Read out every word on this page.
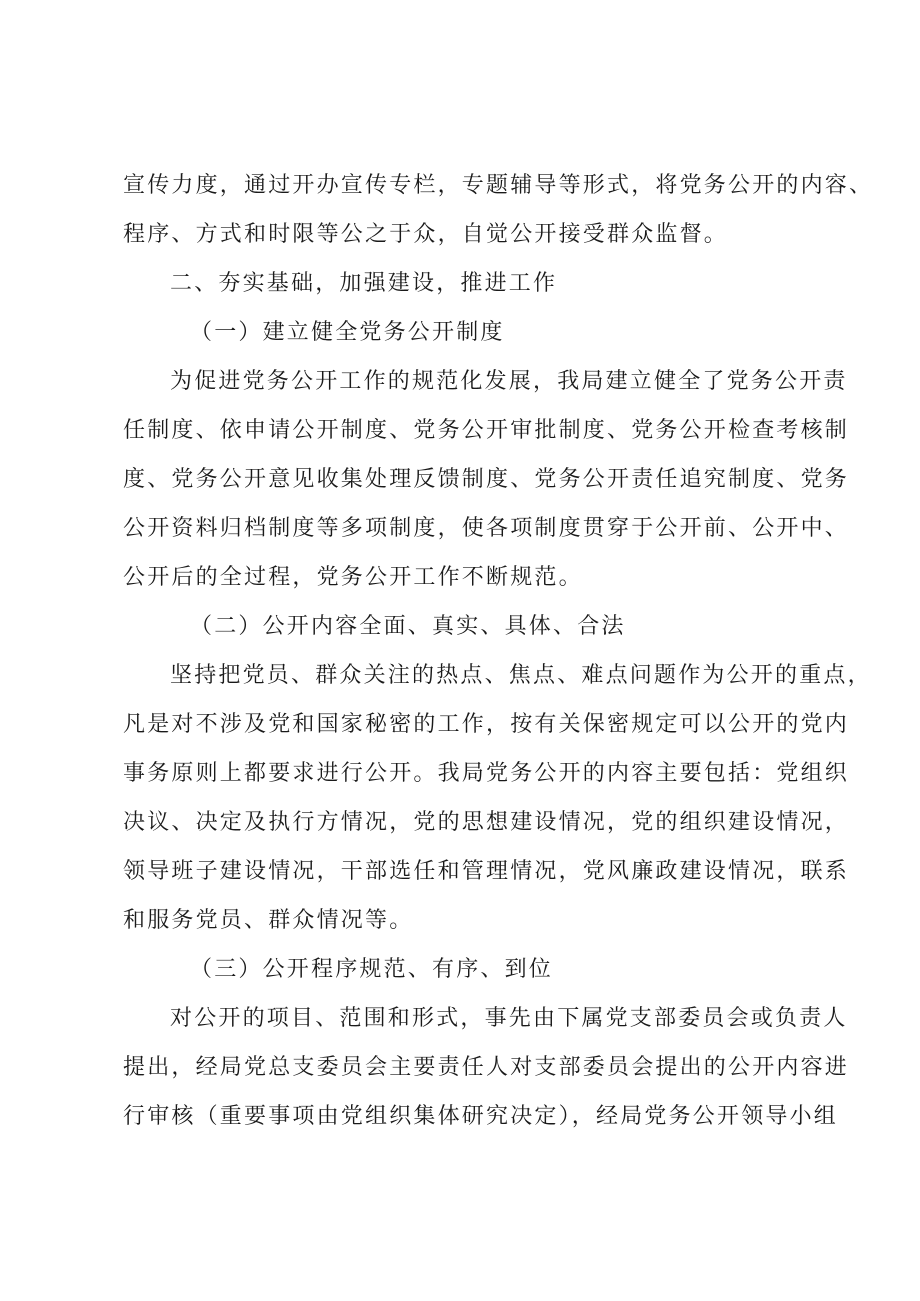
宣传力度，通过开办宣传专栏，专题辅导等形式，将党务公开的内容、

程序、方式和时限等公之于众，自觉公开接受群众监督。

二、夯实基础，加强建设，推进工作

（一）建立健全党务公开制度

为促进党务公开工作的规范化发展，我局建立健全了党务公开责

任制度、依申请公开制度、党务公开审批制度、党务公开检查考核制

度、党务公开意见收集处理反馈制度、党务公开责任追究制度、党务

公开资料归档制度等多项制度，使各项制度贯穿于公开前、公开中、

公开后的全过程，党务公开工作不断规范。

（二）公开内容全面、真实、具体、合法

坚持把党员、群众关注的热点、焦点、难点问题作为公开的重点，

凡是对不涉及党和国家秘密的工作，按有关保密规定可以公开的党内

事务原则上都要求进行公开。我局党务公开的内容主要包括：党组织

决议、决定及执行方情况，党的思想建设情况，党的组织建设情况，

领导班子建设情况，干部选任和管理情况，党风廉政建设情况，联系

和服务党员、群众情况等。

（三）公开程序规范、有序、到位

对公开的项目、范围和形式，事先由下属党支部委员会或负责人

提出，经局党总支委员会主要责任人对支部委员会提出的公开内容进

行审核（重要事项由党组织集体研究决定），经局党务公开领导小组
